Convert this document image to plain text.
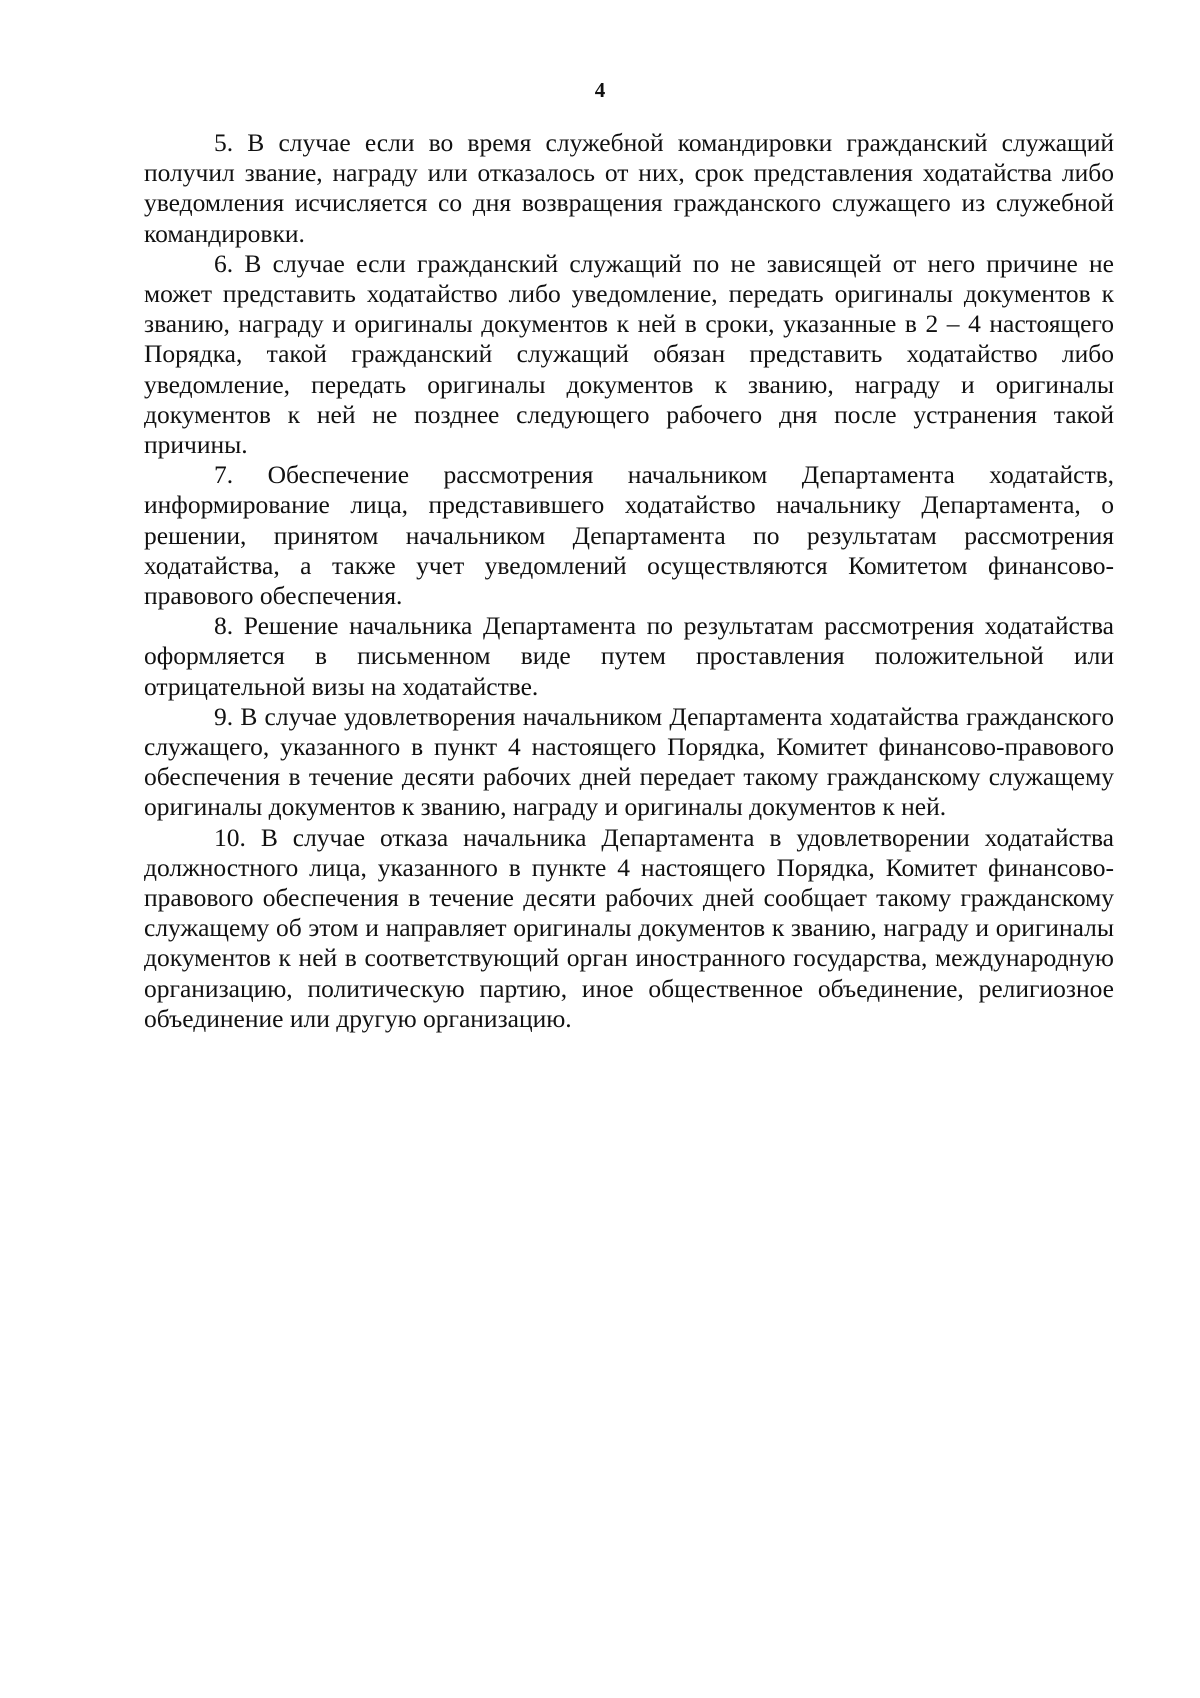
4

5. В случае если во время служебной командировки гражданский служащий получил звание, награду или отказалось от них, срок представления ходатайства либо уведомления исчисляется со дня возвращения гражданского служащего из служебной командировки.

6. В случае если гражданский служащий по не зависящей от него причине не может представить ходатайство либо уведомление, передать оригиналы документов к званию, награду и оригиналы документов к ней в сроки, указанные в 2 – 4 настоящего Порядка, такой гражданский служащий обязан представить ходатайство либо уведомление, передать оригиналы документов к званию, награду и оригиналы документов к ней не позднее следующего рабочего дня после устранения такой причины.

7. Обеспечение рассмотрения начальником Департамента ходатайств, информирование лица, представившего ходатайство начальнику Департамента, о решении, принятом начальником Департамента по результатам рассмотрения ходатайства, а также учет уведомлений осуществляются Комитетом финансово-правового обеспечения.

8. Решение начальника Департамента по результатам рассмотрения ходатайства оформляется в письменном виде путем проставления положительной или отрицательной визы на ходатайстве.

9. В случае удовлетворения начальником Департамента ходатайства гражданского служащего, указанного в пункт 4 настоящего Порядка, Комитет финансово-правового обеспечения в течение десяти рабочих дней передает такому гражданскому служащему оригиналы документов к званию, награду и оригиналы документов к ней.

10. В случае отказа начальника Департамента в удовлетворении ходатайства должностного лица, указанного в пункте 4 настоящего Порядка, Комитет финансово-правового обеспечения в течение десяти рабочих дней сообщает такому гражданскому служащему об этом и направляет оригиналы документов к званию, награду и оригиналы документов к ней в соответствующий орган иностранного государства, международную организацию, политическую партию, иное общественное объединение, религиозное объединение или другую организацию.
